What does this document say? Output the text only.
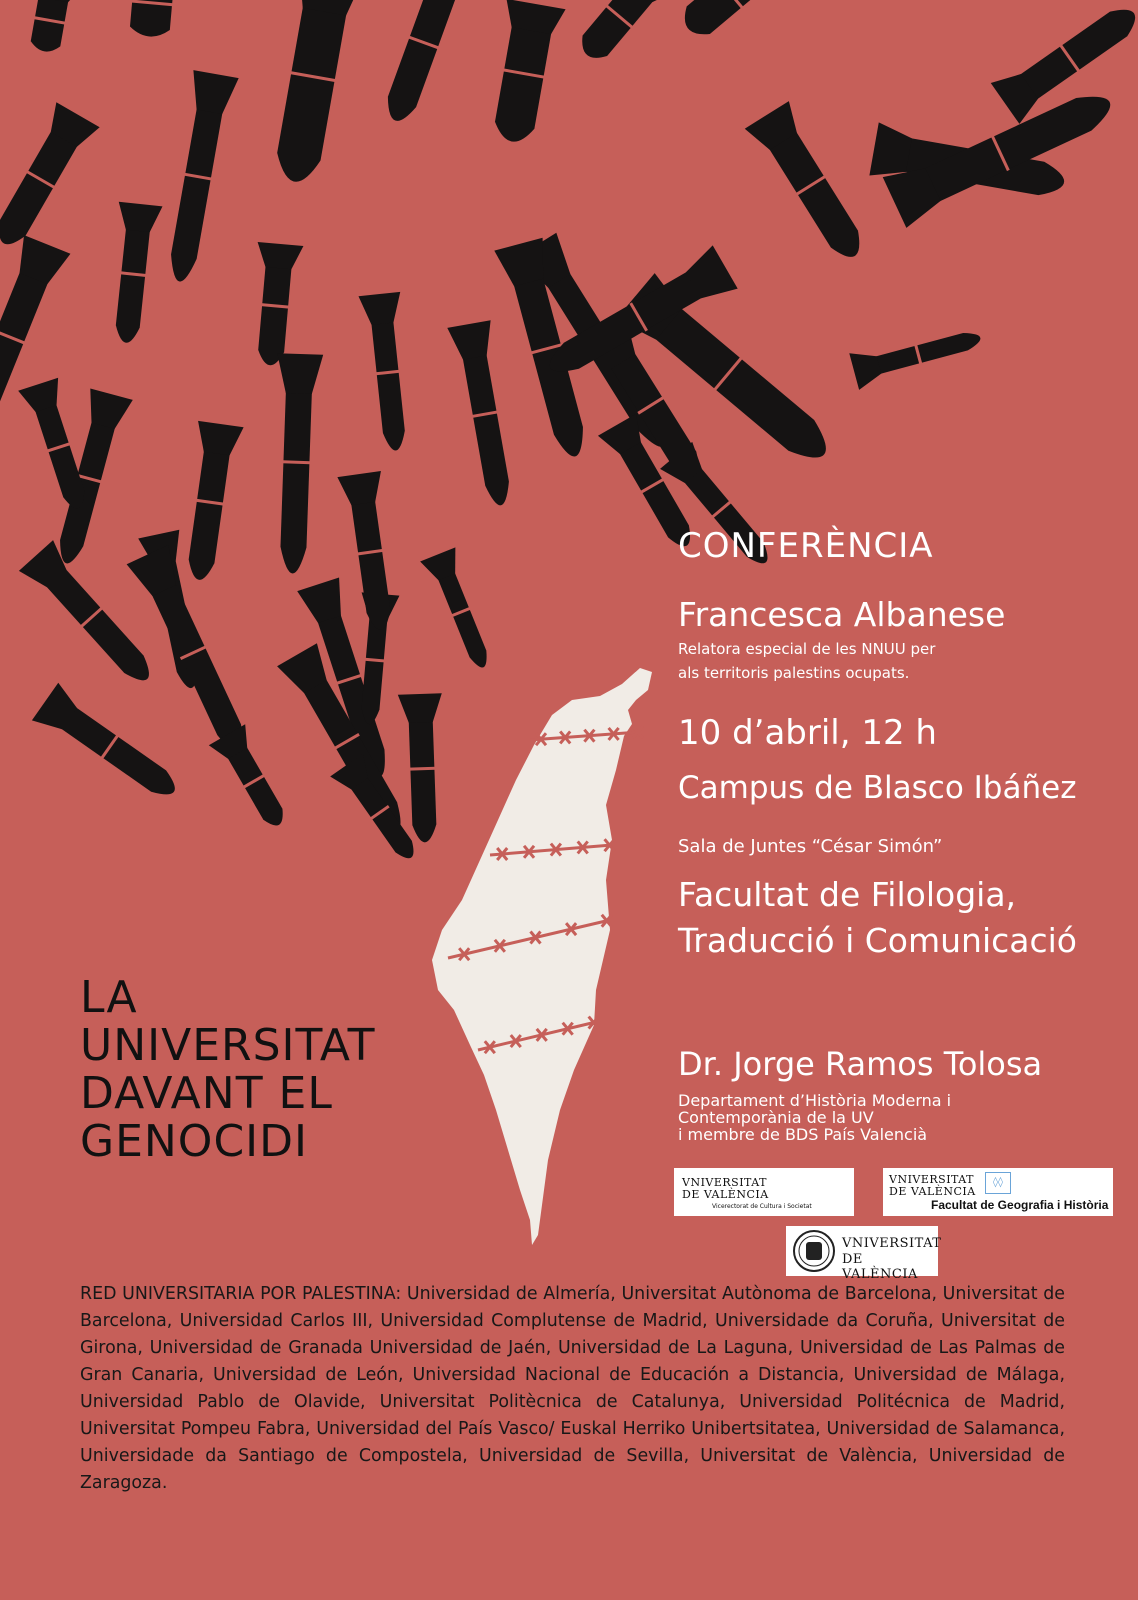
CONFERÈNCIA
Francesca Albanese
Relatora especial de les NNUU per
als territoris palestins ocupats.
10 d’abril, 12 h
Campus de Blasco Ibáñez
Sala de Juntes “César Simón”
Facultat de Filologia,
Traducció i Comunicació
Dr. Jorge Ramos Tolosa
Departament d’Història Moderna i
Contemporània de la UV
i membre de BDS País Valencià
LA
UNIVERSITAT
DAVANT EL
GENOCIDI
VNIVERSITAT
DE VALÈNCIA
Vicerectorat de Cultura i Societat
VNIVERSITAT
DE VALÈNCIA
◊◊
Facultat de Geografia i Història
VNIVERSITAT
DE VALÈNCIA
RED UNIVERSITARIA POR PALESTINA: Universidad de Almería, Universitat Autònoma de Barcelona, Universitat de Barcelona, Universidad Carlos III, Universidad Complutense de Madrid, Universidade da Coruña, Universitat de Girona, Universidad de Granada Universidad de Jaén, Universidad de La Laguna, Universidad de Las Palmas de Gran Canaria, Universidad de León, Universidad Nacional de Educación a Distancia, Universidad de Málaga, Universidad Pablo de Olavide, Universitat Politècnica de Catalunya, Universidad Politécnica de Madrid, Universitat Pompeu Fabra, Universidad del País Vasco/ Euskal Herriko Unibertsitatea, Universidad de Salamanca, Universidade da Santiago de Compostela, Universidad de Sevilla, Universitat de València, Universidad de Zaragoza.
